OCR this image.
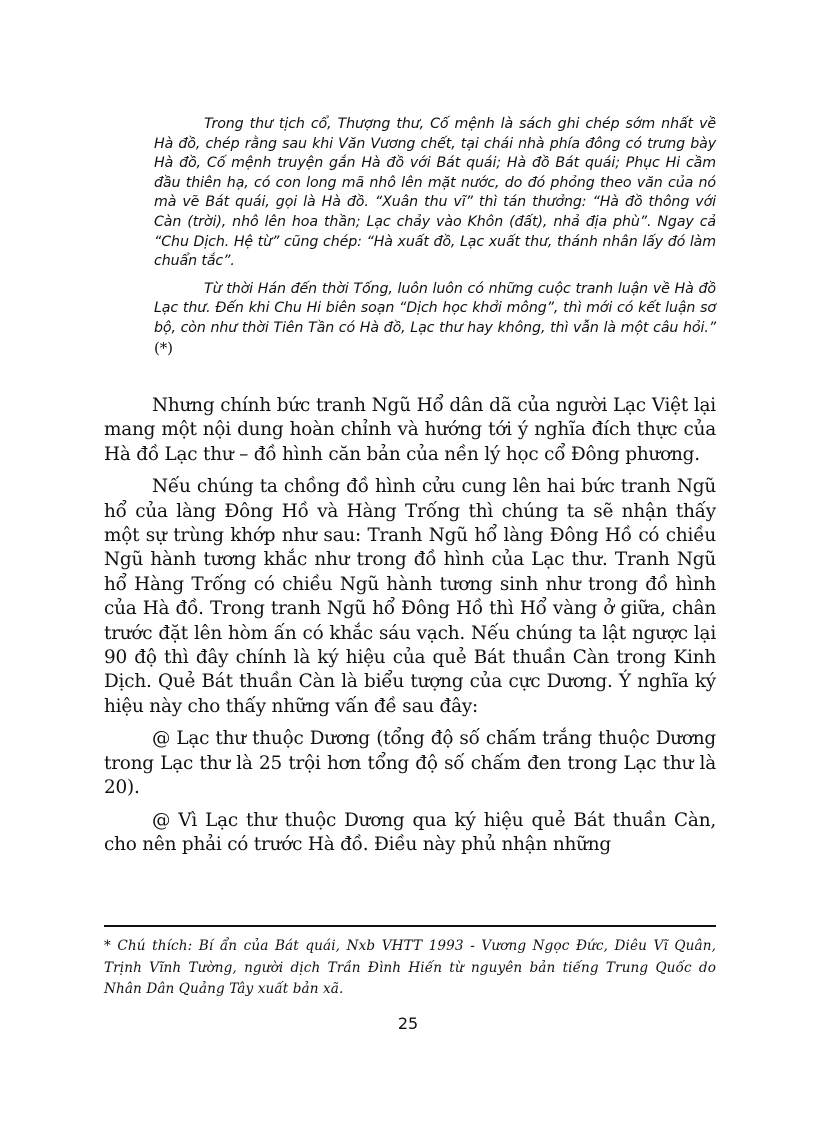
Trong thư tịch cổ, Thượng thư, Cố mệnh là sách ghi chép sớm nhất về Hà đồ, chép rằng sau khi Văn Vương chết, tại chái nhà phía đông có trưng bày Hà đồ, Cố mệnh truyện gắn Hà đồ với Bát quái; Hà đồ Bát quái; Phục Hi cầm đầu thiên hạ, có con long mã nhô lên mặt nước, do đó phỏng theo văn của nó mà vẽ Bát quái, gọi là Hà đồ. “Xuân thu vĩ” thì tán thưởng: “Hà đồ thông với Càn (trời), nhô lên hoa thần; Lạc chảy vào Khôn (đất), nhả địa phù”. Ngay cả “Chu Dịch. Hệ từ” cũng chép: “Hà xuất đồ, Lạc xuất thư, thánh nhân lấy đó làm chuẩn tắc”.

Từ thời Hán đến thời Tống, luôn luôn có những cuộc tranh luận về Hà đồ Lạc thư. Đến khi Chu Hi biên soạn “Dịch học khởi mông”, thì mới có kết luận sơ bộ, còn như thời Tiên Tần có Hà đồ, Lạc thư hay không, thì vẫn là một câu hỏi.” (*)

Nhưng chính bức tranh Ngũ Hổ dân dã của người Lạc Việt lại mang một nội dung hoàn chỉnh và hướng tới ý nghĩa đích thực của Hà đồ Lạc thư – đồ hình căn bản của nền lý học cổ Đông phương.

Nếu chúng ta chồng đồ hình cửu cung lên hai bức tranh Ngũ hổ của làng Đông Hồ và Hàng Trống thì chúng ta sẽ nhận thấy một sự trùng khớp như sau: Tranh Ngũ hổ làng Đông Hồ có chiều Ngũ hành tương khắc như trong đồ hình của Lạc thư. Tranh Ngũ hổ Hàng Trống có chiều Ngũ hành tương sinh như trong đồ hình của Hà đồ. Trong tranh Ngũ hổ Đông Hồ thì Hổ vàng ở giữa, chân trước đặt lên hòm ấn có khắc sáu vạch. Nếu chúng ta lật ngược lại 90 độ thì đây chính là ký hiệu của quẻ Bát thuần Càn trong Kinh Dịch. Quẻ Bát thuần Càn là biểu tượng của cực Dương. Ý nghĩa ký hiệu này cho thấy những vấn đề sau đây:

@ Lạc thư thuộc Dương (tổng độ số chấm trắng thuộc Dương trong Lạc thư là 25 trội hơn tổng độ số chấm đen trong Lạc thư là 20).

@ Vì Lạc thư thuộc Dương qua ký hiệu quẻ Bát thuần Càn, cho nên phải có trước Hà đồ. Điều này phủ nhận những

* Chú thích: Bí ẩn của Bát quái, Nxb VHTT 1993 - Vương Ngọc Đức, Diêu Vĩ Quân, Trịnh Vĩnh Tường, người dịch Trần Đình Hiến từ nguyên bản tiếng Trung Quốc do Nhân Dân Quảng Tây xuất bản xã.
25
